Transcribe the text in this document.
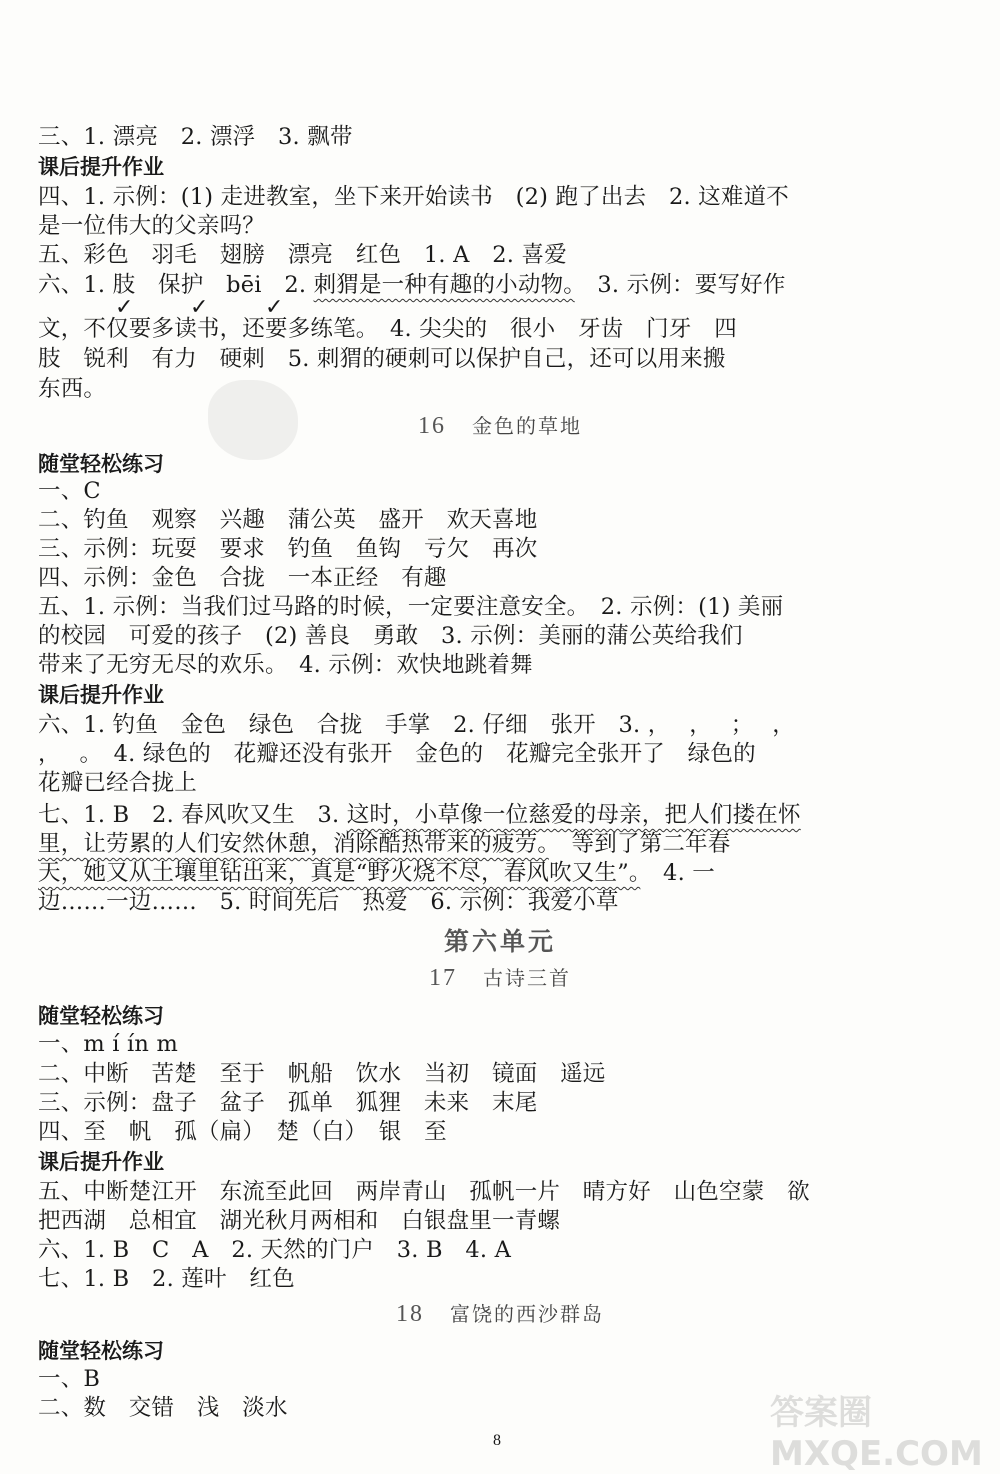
三、1. 漂亮　2. 漂浮　3. 飘带
课后提升作业
四、1. 示例：(1) 走进教室，坐下来开始读书　(2) 跑了出去　2. 这难道不
是一位伟大的父亲吗？
五、彩色　羽毛　翅膀　漂亮　红色　1. A　2. 喜爱
六、1. 肢　保护　bēi　2. 刺猬是一种有趣的小动物。　3. 示例：要写好作
✓	✓	✓
文，不仅要多读书，还要多练笔。　4. 尖尖的　很小　牙齿　门牙　四
肢　锐利　有力　硬刺　5. 刺猬的硬刺可以保护自己，还可以用来搬
东西。
16 金色的草地
随堂轻松练习
一、C
二、钓鱼　观察　兴趣　蒲公英　盛开　欢天喜地
三、示例：玩耍　要求　钓鱼　鱼钩　亏欠　再次
四、示例：金色　合拢　一本正经　有趣
五、1. 示例：当我们过马路的时候，一定要注意安全。　2. 示例：(1) 美丽
的校园　可爱的孩子　(2) 善良　勇敢　3. 示例：美丽的蒲公英给我们
带来了无穷无尽的欢乐。　4. 示例：欢快地跳着舞
课后提升作业
六、1. 钓鱼　金色　绿色　合拢　手掌　2. 仔细　张开　3. ，　 ，　 ；　 ，
，　 。　4. 绿色的　花瓣还没有张开　金色的　花瓣完全张开了　绿色的
花瓣已经合拢上
七、1. B　2. 春风吹又生　3. 这时，小草像一位慈爱的母亲，把人们搂在怀
里，让劳累的人们安然休憩，消除酷热带来的疲劳。　等到了第二年春
天，她又从土壤里钻出来，真是“野火烧不尽，春风吹又生”。　4. 一
边……一边……　5. 时间先后　热爱　6. 示例：我爱小草
第六单元
17 古诗三首
随堂轻松练习
一、m í ín m
二、中断　苦楚　至于　帆船　饮水　当初　镜面　遥远
三、示例：盘子　盆子　孤单　狐狸　未来　末尾
四、至　帆　孤（扁）　楚（白）　银　至
课后提升作业
五、中断楚江开　东流至此回　两岸青山　孤帆一片　晴方好　山色空蒙　欲
把西湖　总相宜　湖光秋月两相和　白银盘里一青螺
六、1. B　C　A　2. 天然的门户　3. B　4. A
七、1. B　2. 莲叶　红色
18 富饶的西沙群岛
随堂轻松练习
一、B
二、数　交错　浅　淡水
8
答案圈 MXQE.COM
